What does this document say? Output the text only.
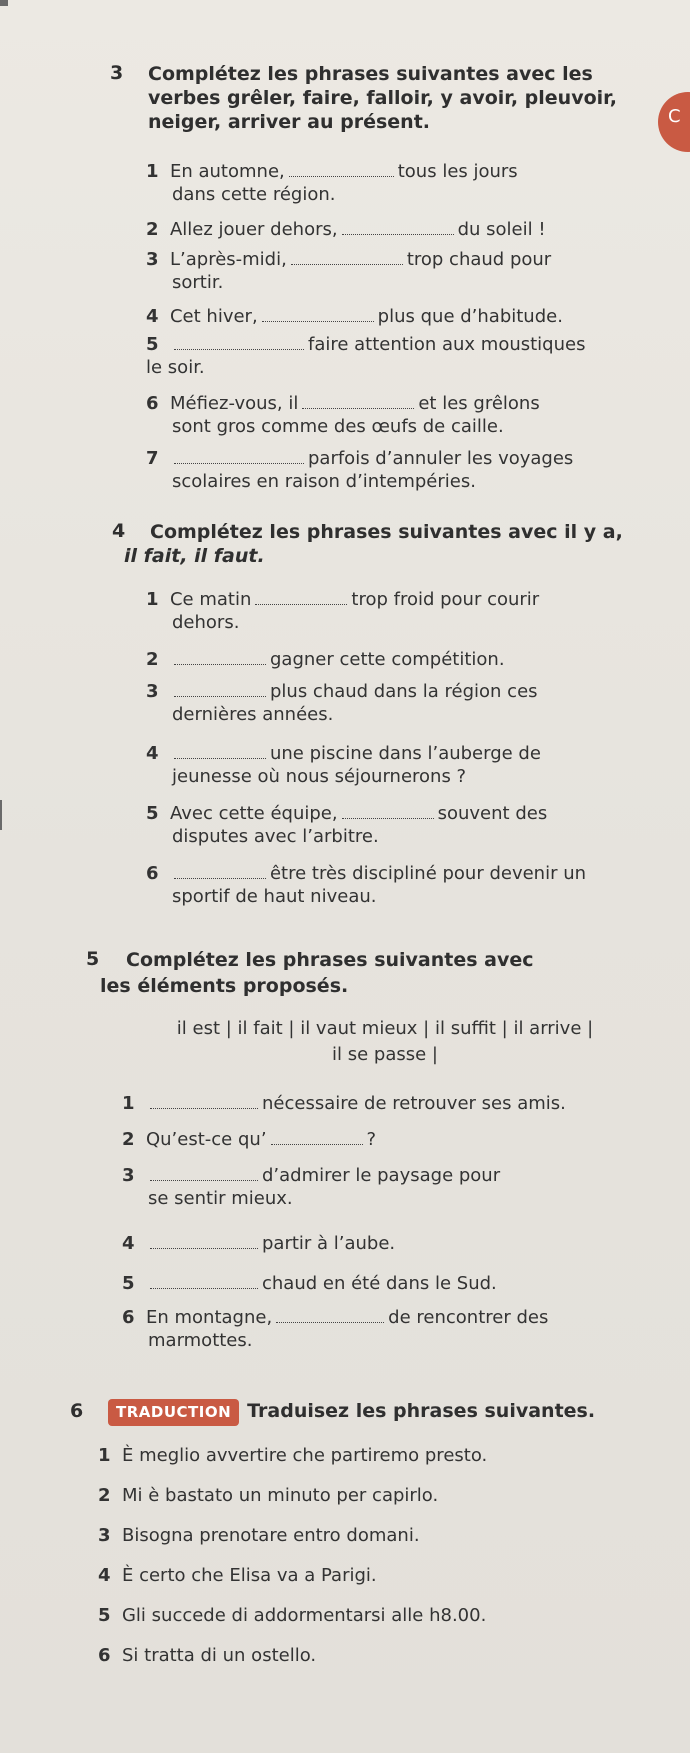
C
3 Complétez les phrases suivantes avec les
verbes grêler, faire, falloir, y avoir, pleuvoir,
neiger, arriver au présent.
1 En automne,	tous les jours
dans cette région.
2 Allez jouer dehors,	du soleil !
3 L’après-midi,	trop chaud pour
sortir.
4 Cet hiver,	plus que d’habitude.
5	faire attention aux moustiques
le soir.
6 Méfiez-vous, il	et les grêlons
sont gros comme des œufs de caille.
7	parfois d’annuler les voyages
scolaires en raison d’intempéries.
4 Complétez les phrases suivantes avec il y a,
il fait, il faut.
1 Ce matin	trop froid pour courir
dehors.
2	gagner cette compétition.
3	plus chaud dans la région ces
dernières années.
4	une piscine dans l’auberge de
jeunesse où nous séjournerons ?
5 Avec cette équipe,	souvent des
disputes avec l’arbitre.
6	être très discipliné pour devenir un
sportif de haut niveau.
5 Complétez les phrases suivantes avec
les éléments proposés.
il est | il fait | il vaut mieux | il suffit | il arrive |
il se passe |
1	nécessaire de retrouver ses amis.
2 Qu’est-ce qu’	?
3	d’admirer le paysage pour
se sentir mieux.
4	partir à l’aube.
5	chaud en été dans le Sud.
6 En montagne,	de rencontrer des
marmottes.
6	TRADUCTION Traduisez les phrases suivantes.
1 È meglio avvertire che partiremo presto.
2 Mi è bastato un minuto per capirlo.
3 Bisogna prenotare entro domani.
4 È certo che Elisa va a Parigi.
5 Gli succede di addormentarsi alle h8.00.
6 Si tratta di un ostello.
